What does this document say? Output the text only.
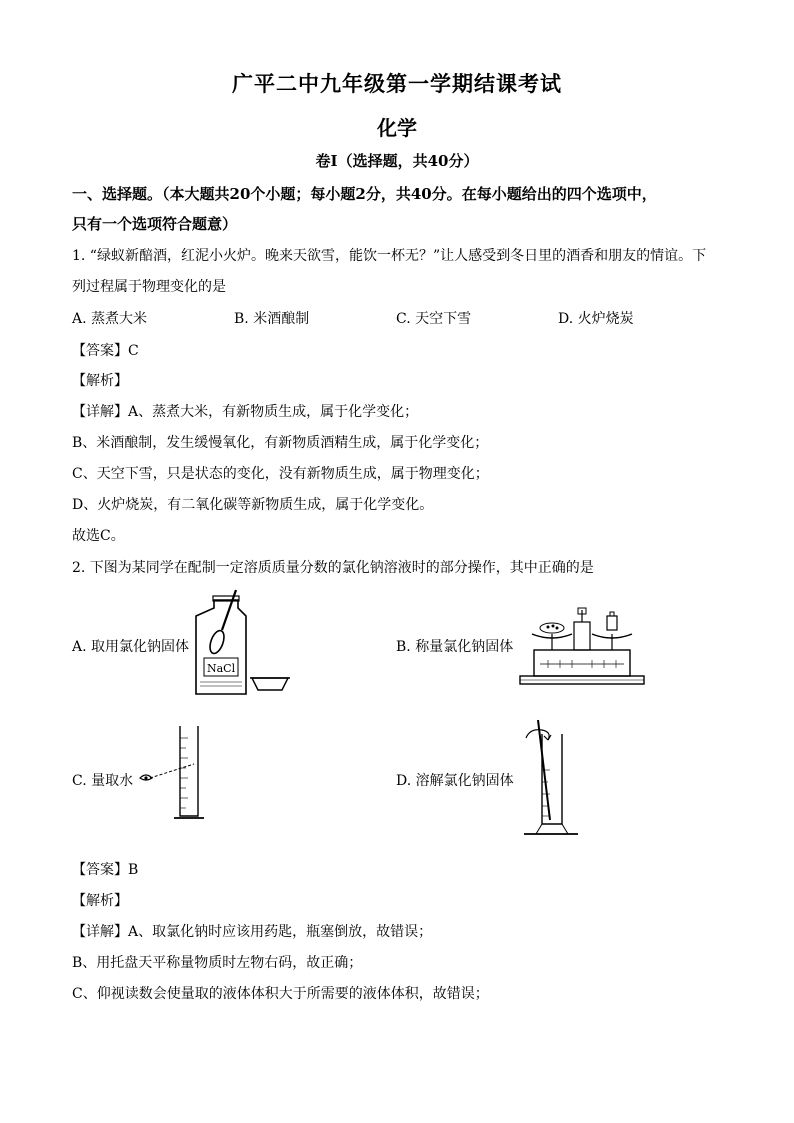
广平二中九年级第一学期结课考试
化学
卷I（选择题，共40分）
一、选择题。（本大题共20个小题；每小题2分，共40分。在每小题给出的四个选项中，
只有一个选项符合题意）
1. “绿蚁新醅酒，红泥小火炉。晚来天欲雪，能饮一杯无？”让人感受到冬日里的酒香和朋友的情谊。下
列过程属于物理变化的是
A. 蒸煮大米	B. 米酒酿制	C. 天空下雪	D. 火炉烧炭
【答案】C
【解析】
【详解】A、蒸煮大米，有新物质生成，属于化学变化；
B、米酒酿制，发生缓慢氧化，有新物质酒精生成，属于化学变化；
C、天空下雪，只是状态的变化，没有新物质生成，属于物理变化；
D、火炉烧炭，有二氧化碳等新物质生成，属于化学变化。
故选C。
2. 下图为某同学在配制一定溶质质量分数的氯化钠溶液时的部分操作，其中正确的是
A. 取用氯化钠固体	B. 称量氯化钠固体
C. 量取水	D. 溶解氯化钠固体
NaCl
【答案】B
【解析】
【详解】A、取氯化钠时应该用药匙，瓶塞倒放，故错误；
B、用托盘天平称量物质时左物右码，故正确；
C、仰视读数会使量取的液体体积大于所需要的液体体积，故错误；
